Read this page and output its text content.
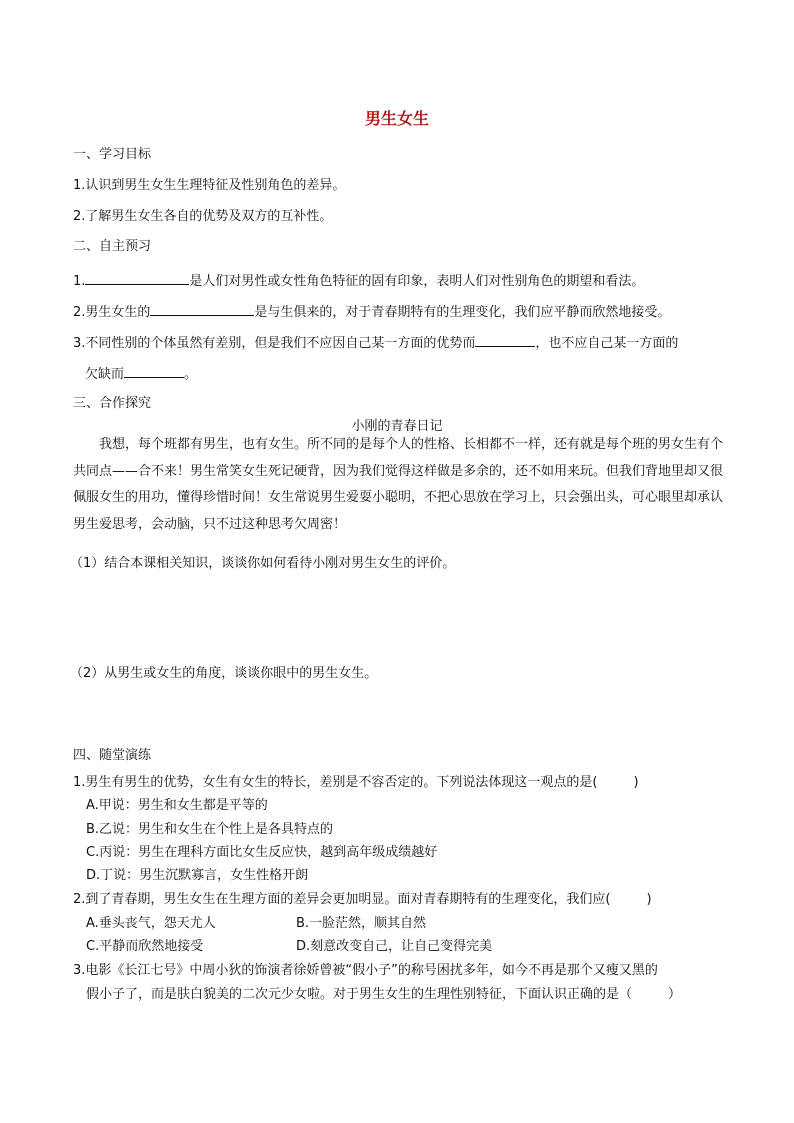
男生女生
一、学习目标
1.认识到男生女生生理特征及性别角色的差异。
2.了解男生女生各自的优势及双方的互补性。
二、自主预习
1.	是人们对男性或女性角色特征的固有印象，表明人们对性别角色的期望和看法。
2.男生女生的	是与生俱来的，对于青春期特有的生理变化，我们应平静而欣然地接受。
3.不同性别的个体虽然有差别，但是我们不应因自己某一方面的优势而	，也不应自己某一方面的
欠缺而	。
三、合作探究
小刚的青春日记
我想，每个班都有男生，也有女生。所不同的是每个人的性格、长相都不一样，还有就是每个班的男女生有个共同点——合不来！男生常笑女生死记硬背，因为我们觉得这样做是多余的，还不如用来玩。但我们背地里却又很佩服女生的用功，懂得珍惜时间！女生常说男生爱耍小聪明，不把心思放在学习上，只会强出头，可心眼里却承认男生爱思考，会动脑，只不过这种思考欠周密！
（1）结合本课相关知识，谈谈你如何看待小刚对男生女生的评价。
（2）从男生或女生的角度，谈谈你眼中的男生女生。
四、随堂演练
1.男生有男生的优势，女生有女生的特长，差别是不容否定的。下列说法体现这一观点的是(	)
A.甲说：男生和女生都是平等的
B.乙说：男生和女生在个性上是各具特点的
C.丙说：男生在理科方面比女生反应快，越到高年级成绩越好
D.丁说：男生沉默寡言，女生性格开朗
2.到了青春期，男生女生在生理方面的差异会更加明显。面对青春期特有的生理变化，我们应(	)
A.垂头丧气，怨天尤人	B.一脸茫然，顺其自然
C.平静而欣然地接受	D.刻意改变自己，让自己变得完美
3.电影《长江七号》中周小狄的饰演者徐娇曾被“假小子”的称号困扰多年，如今不再是那个又瘦又黑的
假小子了，而是肤白貌美的二次元少女啦。对于男生女生的生理性别特征，下面认识正确的是（	）
